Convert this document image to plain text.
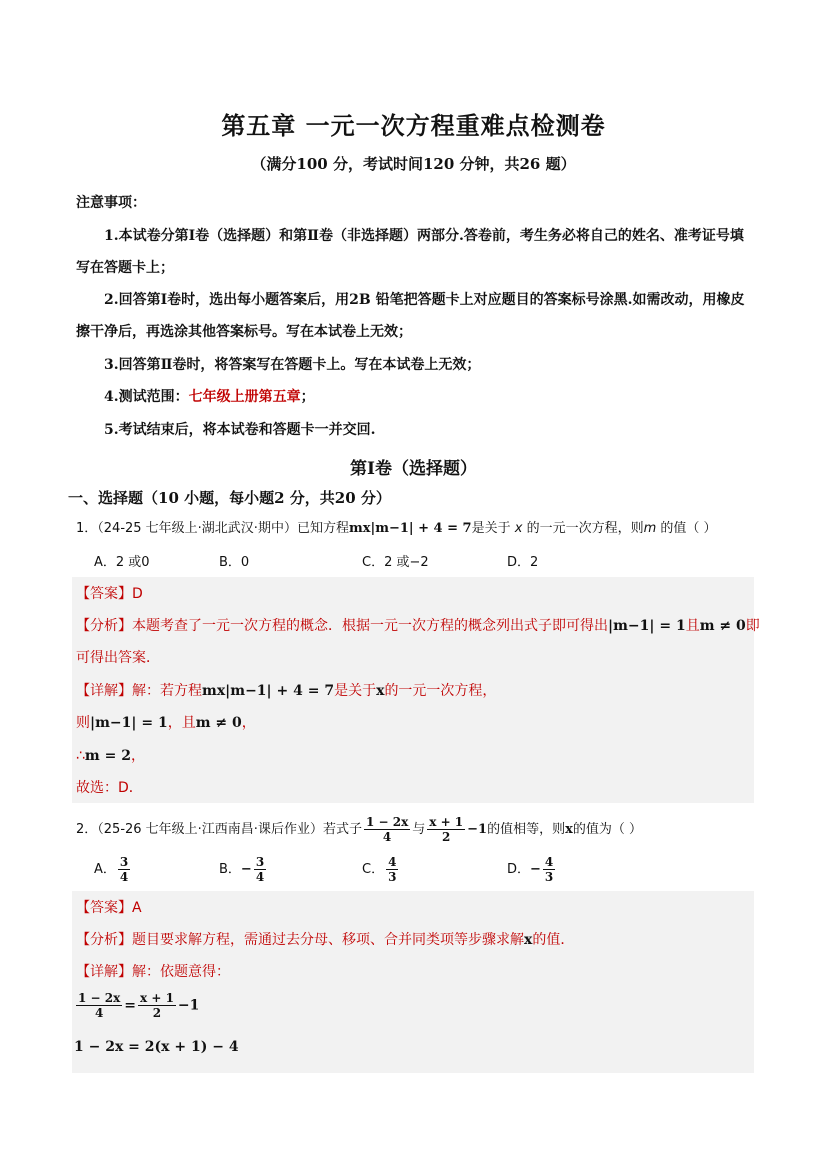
第五章 一元一次方程重难点检测卷
（满分100 分，考试时间120 分钟，共26 题）
注意事项：
1.本试卷分第Ⅰ卷（选择题）和第Ⅱ卷（非选择题）两部分.答卷前，考生务必将自己的姓名、准考证号填写在答题卡上；
2.回答第Ⅰ卷时，选出每小题答案后，用2B 铅笔把答题卡上对应题目的答案标号涂黑.如需改动，用橡皮擦干净后，再选涂其他答案标号。写在本试卷上无效；
3.回答第Ⅱ卷时，将答案写在答题卡上。写在本试卷上无效；
4.测试范围：七年级上册第五章；
5.考试结束后，将本试卷和答题卡一并交回.
第Ⅰ卷（选择题）
一、选择题（10 小题，每小题2 分，共20 分）
1．（24-25 七年级上·湖北武汉·期中）已知方程mx|m−1| + 4 = 7是关于 x 的一元一次方程，则m 的值（ ）
A．2 或0	B．0	C．2 或−2	D．2
【答案】D
【分析】本题考查了一元一次方程的概念．根据一元一次方程的概念列出式子即可得出|m−1| = 1且m ≠ 0即
可得出答案．
【详解】解：若方程mx|m−1| + 4 = 7是关于x的一元一次方程，
则|m−1| = 1，且m ≠ 0，
∴m = 2，
故选：D．
2．（25-26 七年级上·江西南昌·课后作业）若式子 $\frac{1 - 2x}{4}$ 与 $\frac{x + 1}{2} -1$的值相等，则x的值为（ ）
A． $\frac{3}{4}$	B．− $\frac{3}{4}$	C． $\frac{4}{3}$	D．− $\frac{4}{3}$
【答案】A
【分析】题目要求解方程，需通过去分母、移项、合并同类项等步骤求解x的值．
【详解】解：依题意得：
$\frac{1 - 2x}{4} = \frac{x + 1}{2} -1$
1 − 2x = 2(x + 1) − 4
